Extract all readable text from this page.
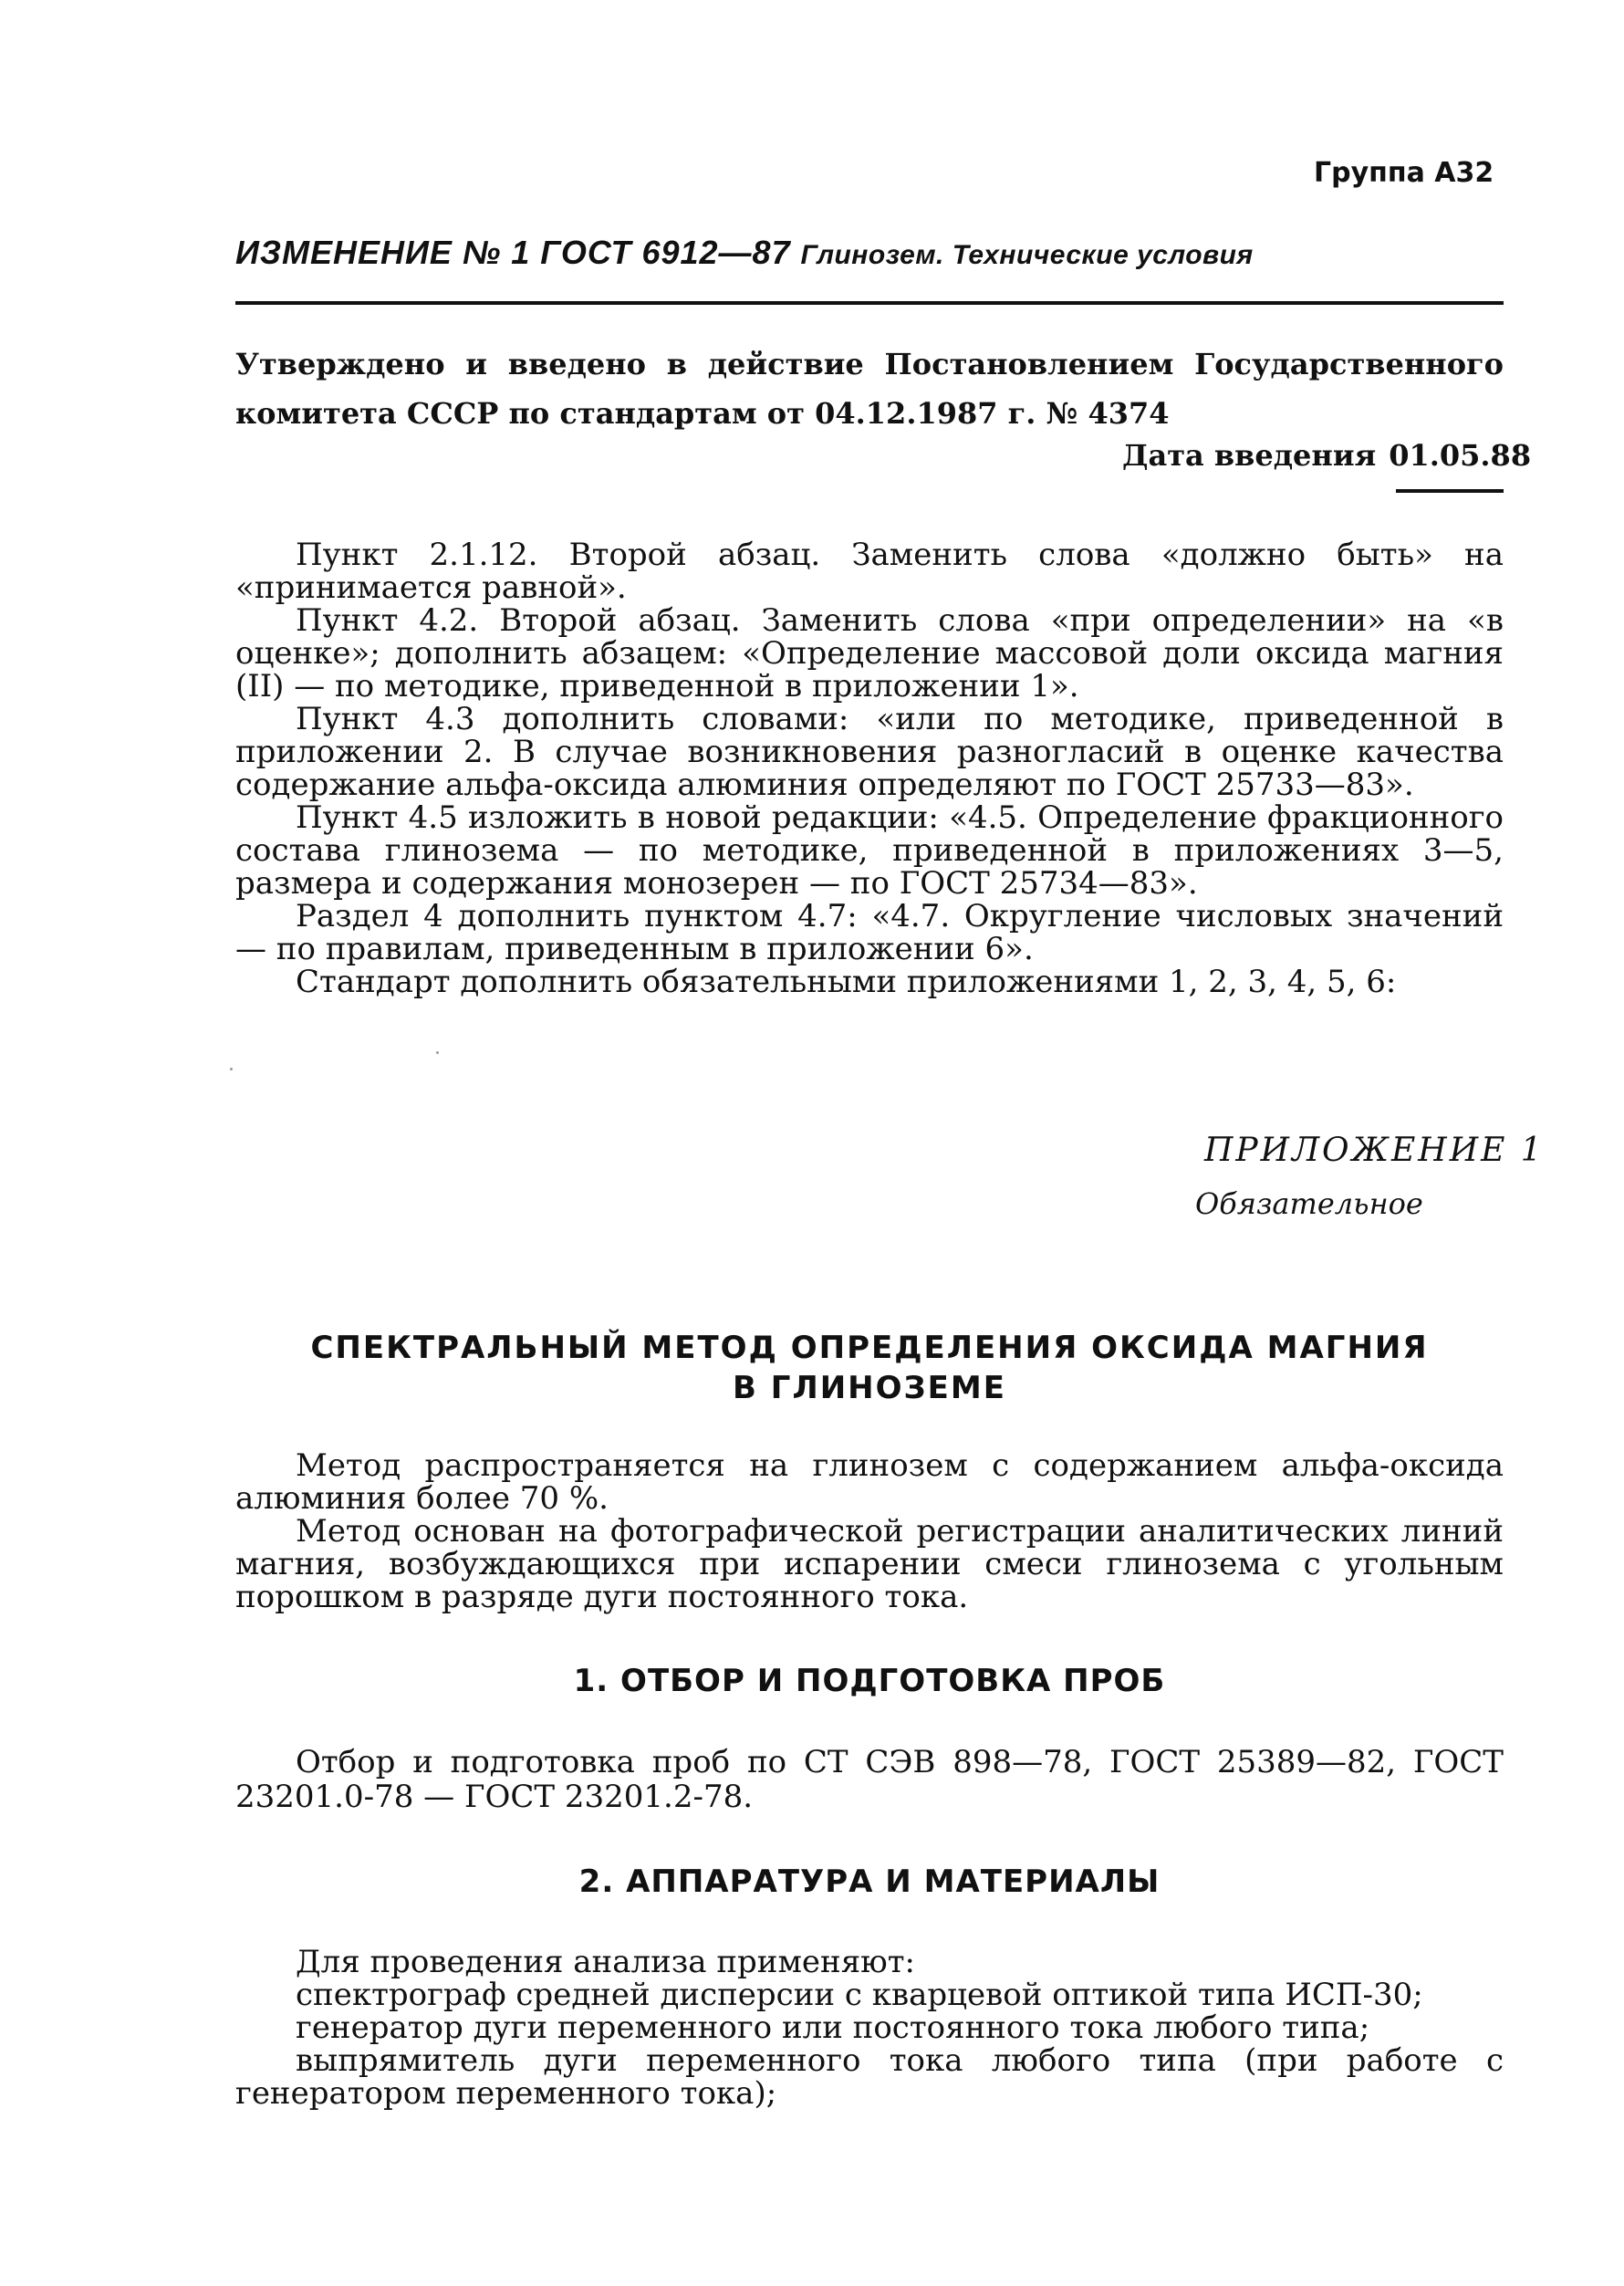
Группа А32
ИЗМЕНЕНИЕ № 1 ГОСТ 6912—87 Глинозем. Технические условия
Утверждено и введено в действие Постановлением Государственного комитета СССР по стандартам от 04.12.1987 г. № 4374
Дата введения 01.05.88

Пункт 2.1.12. Второй абзац. Заменить слова «должно быть» на «принимается равной».

Пункт 4.2. Второй абзац. Заменить слова «при определении» на «в оценке»; дополнить абзацем: «Определение массовой доли оксида магния (II) — по методике, приведенной в приложении 1».

Пункт 4.3 дополнить словами: «или по методике, приведенной в приложении 2. В случае возникновения разногласий в оценке качества содержание альфа-оксида алюминия определяют по ГОСТ 25733—83».

Пункт 4.5 изложить в новой редакции: «4.5. Определение фракционного состава глинозема — по методике, приведенной в приложениях 3—5, размера и содержания монозерен — по ГОСТ 25734—83».

Раздел 4 дополнить пунктом 4.7: «4.7. Округление числовых значений — по правилам, приведенным в приложении 6».

Стандарт дополнить обязательными приложениями 1, 2, 3, 4, 5, 6:

ПРИЛОЖЕНИЕ 1
Обязательное
СПЕКТРАЛЬНЫЙ МЕТОД ОПРЕДЕЛЕНИЯ ОКСИДА МАГНИЯ
В ГЛИНОЗЕМЕ

Метод распространяется на глинозем с содержанием альфа-оксида алюминия более 70 %.

Метод основан на фотографической регистрации аналитических линий магния, возбуждающихся при испарении смеси глинозема с угольным порошком в разряде дуги постоянного тока.

1. ОТБОР И ПОДГОТОВКА ПРОБ

Отбор и подготовка проб по СТ СЭВ 898—78, ГОСТ 25389—82, ГОСТ 23201.0-78 — ГОСТ 23201.2-78.

2. АППАРАТУРА И МАТЕРИАЛЫ

Для проведения анализа применяют:

спектрограф средней дисперсии с кварцевой оптикой типа ИСП-30;

генератор дуги переменного или постоянного тока любого типа;

выпрямитель дуги переменного тока любого типа (при работе с генератором переменного тока);
